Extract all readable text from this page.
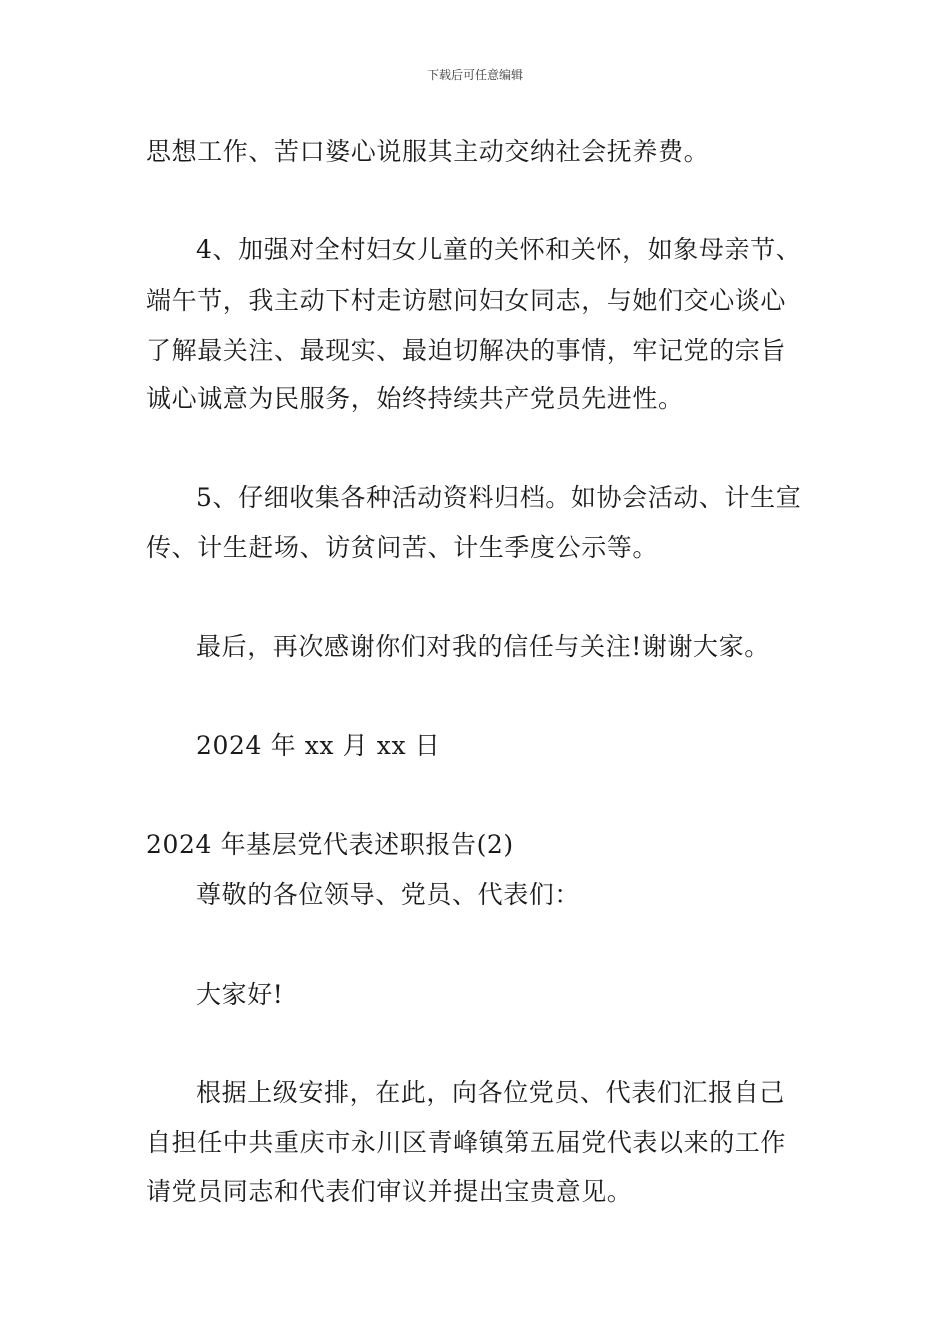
下载后可任意编辑
思想工作、苦口婆心说服其主动交纳社会抚养费。
4、加强对全村妇女儿童的关怀和关怀，如象母亲节、
端午节，我主动下村走访慰问妇女同志，与她们交心谈心
了解最关注、最现实、最迫切解决的事情，牢记党的宗旨
诚心诚意为民服务，始终持续共产党员先进性。
5、仔细收集各种活动资料归档。如协会活动、计生宣
传、计生赶场、访贫问苦、计生季度公示等。
最后，再次感谢你们对我的信任与关注!谢谢大家。
2024 年 xx 月 xx 日
2024 年基层党代表述职报告(2)
尊敬的各位领导、党员、代表们：
大家好!
根据上级安排，在此，向各位党员、代表们汇报自己
自担任中共重庆市永川区青峰镇第五届党代表以来的工作
请党员同志和代表们审议并提出宝贵意见。
